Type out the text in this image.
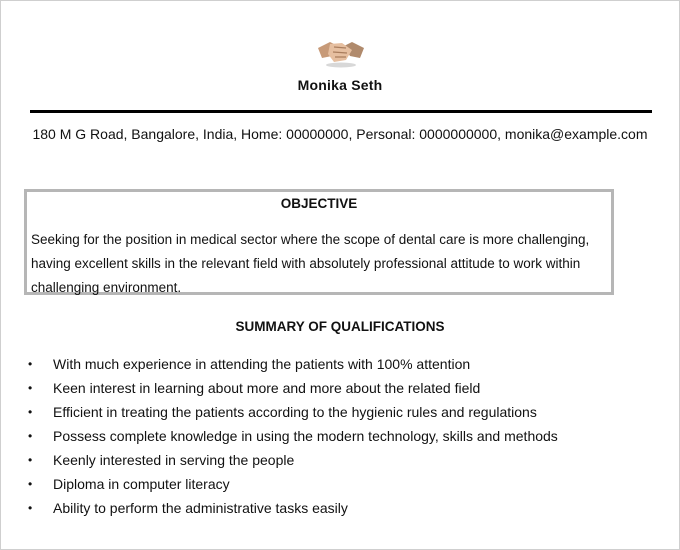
Monika Seth
180 M G Road, Bangalore, India, Home: 00000000, Personal: 0000000000, monika@example.com
OBJECTIVE
Seeking for the position in medical sector where the scope of dental care is more challenging,
having excellent skills in the relevant field with absolutely professional attitude to work within
challenging environment.
SUMMARY OF QUALIFICATIONS
• With much experience in attending the patients with 100% attention
• Keen interest in learning about more and more about the related field
• Efficient in treating the patients according to the hygienic rules and regulations
• Possess complete knowledge in using the modern technology, skills and methods
• Keenly interested in serving the people
• Diploma in computer literacy
• Ability to perform the administrative tasks easily
